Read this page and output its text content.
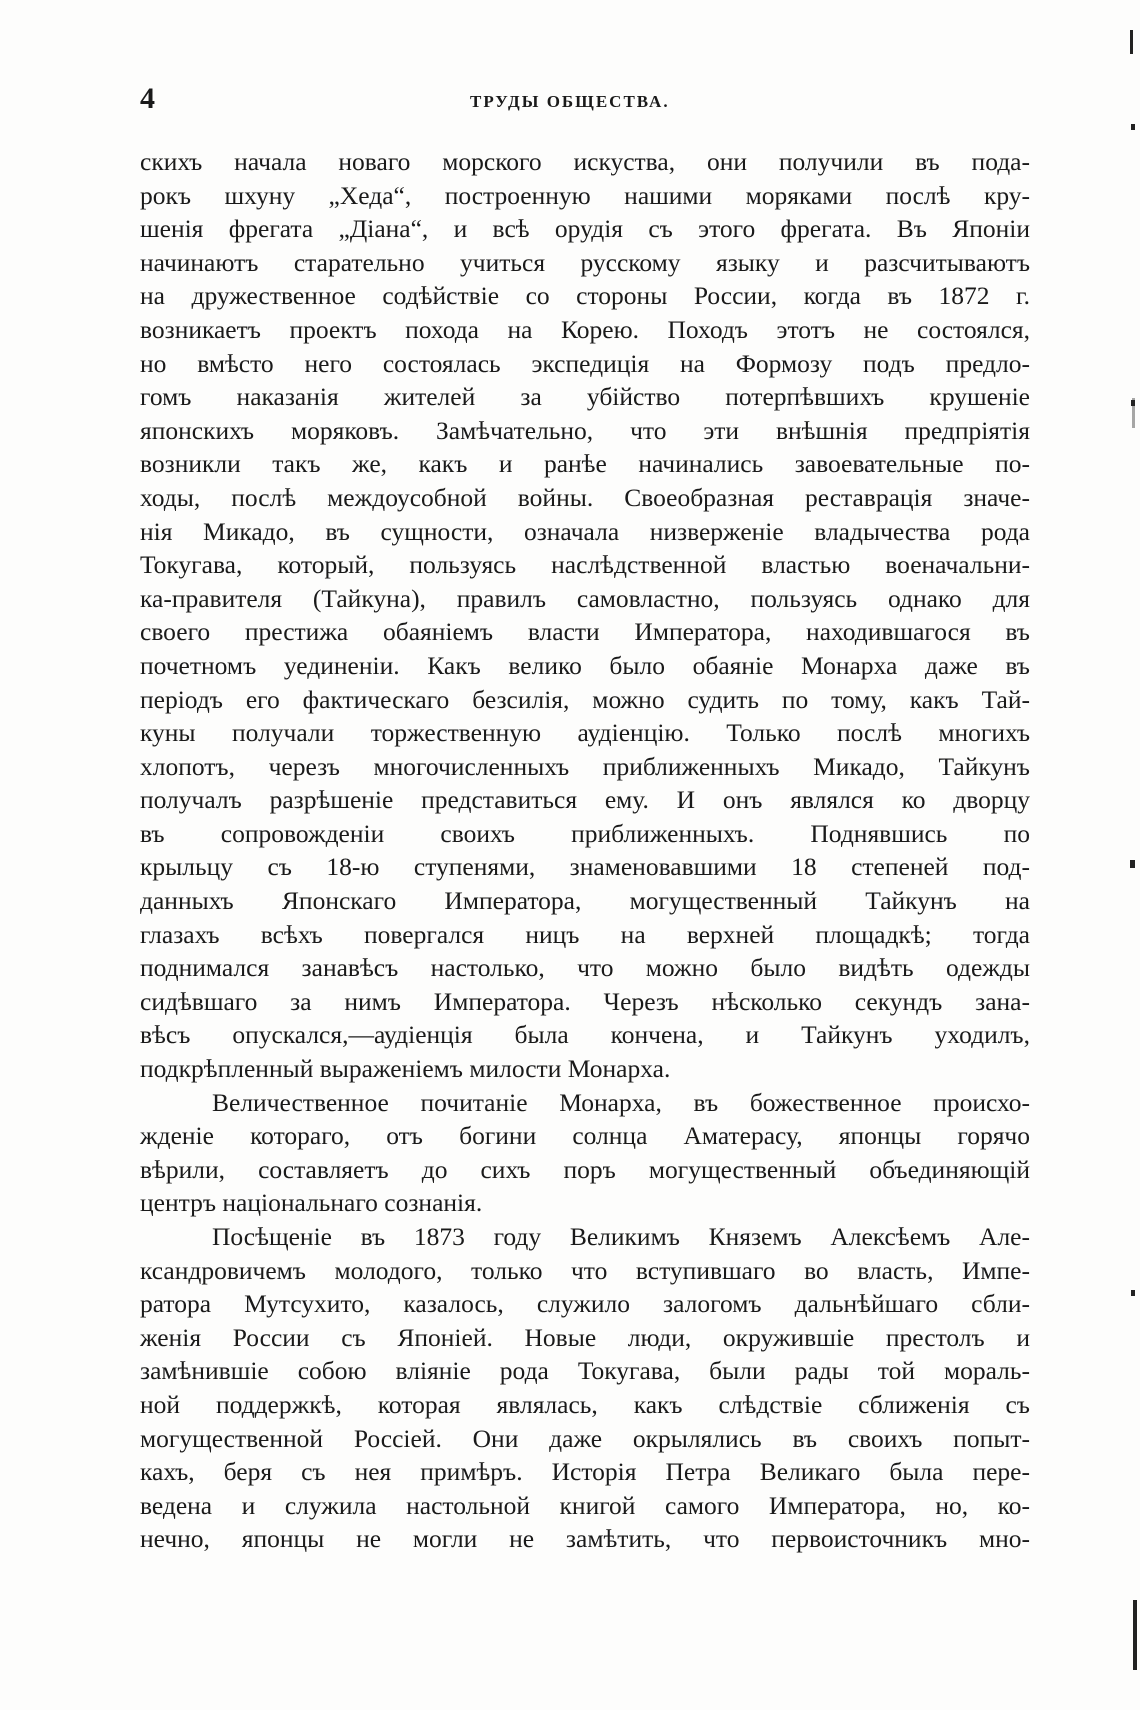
4	ТРУДЫ ОБЩЕСТВА.
скихъ начала новаго морского искуства, они получили въ пода-
рокъ шхуну „Хеда“, построенную нашими моряками послѣ кру-
шенія фрегата „Діана“, и всѣ орудія съ этого фрегата. Въ Японіи
начинаютъ старательно учиться русскому языку и разсчитываютъ
на дружественное содѣйствіе со стороны России, когда въ 1872 г.
возникаетъ проектъ похода на Корею. Походъ этотъ не состоялся,
но вмѣсто него состоялась экспедиція на Формозу подъ предло-
гомъ наказанія жителей за убійство потерпѣвшихъ крушеніе
японскихъ моряковъ. Замѣчательно, что эти внѣшнія предпріятія
возникли такъ же, какъ и ранѣе начинались завоевательные по-
ходы, послѣ междоусобной войны. Своеобразная реставрація значе-
нія Микадо, въ сущности, означала низверженіе владычества рода
Токугава, который, пользуясь наслѣдственной властью военачальни-
ка-правителя (Тайкуна), правилъ самовластно, пользуясь однако для
своего престижа обаяніемъ власти Императора, находившагося въ
почетномъ уединеніи. Какъ велико было обаяніе Монарха даже въ
періодъ его фактическаго безсилія, можно судить по тому, какъ Тай-
куны получали торжественную аудіенцію. Только послѣ многихъ
хлопотъ, черезъ многочисленныхъ приближенныхъ Микадо, Тайкунъ
получалъ разрѣшеніе представиться ему. И онъ являлся ко дворцу
въ сопровожденіи своихъ приближенныхъ. Поднявшись по
крыльцу съ 18-ю ступенями, знаменовавшими 18 степеней под-
данныхъ Японскаго Императора, могущественный Тайкунъ на
глазахъ всѣхъ повергался ницъ на верхней площадкѣ; тогда
поднимался занавѣсъ настолько, что можно было видѣть одежды
сидѣвшаго за нимъ Императора. Черезъ нѣсколько секундъ зана-
вѣсъ опускался,—аудіенція была кончена, и Тайкунъ уходилъ,
подкрѣпленный выраженіемъ милости Монарха.
Величественное почитаніе Монарха, въ божественное происхо-
жденіе котораго, отъ богини солнца Аматерасу, японцы горячо
вѣрили, составляетъ до сихъ поръ могущественный объединяющій
центръ національнаго сознанія.
Посѣщеніе въ 1873 году Великимъ Княземъ Алексѣемъ Але-
ксандровичемъ молодого, только что вступившаго во власть, Импе-
ратора Мутсухито, казалось, служило залогомъ дальнѣйшаго сбли-
женія России съ Японіей. Новые люди, окружившіе престолъ и
замѣнившіе собою вліяніе рода Токугава, были рады той мораль-
ной поддержкѣ, которая являлась, какъ слѣдствіе сближенія съ
могущественной Россіей. Они даже окрылялись въ своихъ попыт-
кахъ, беря съ нея примѣръ. Исторія Петра Великаго была пере-
ведена и служила настольной книгой самого Императора, но, ко-
нечно, японцы не могли не замѣтить, что первоисточникъ мно-
